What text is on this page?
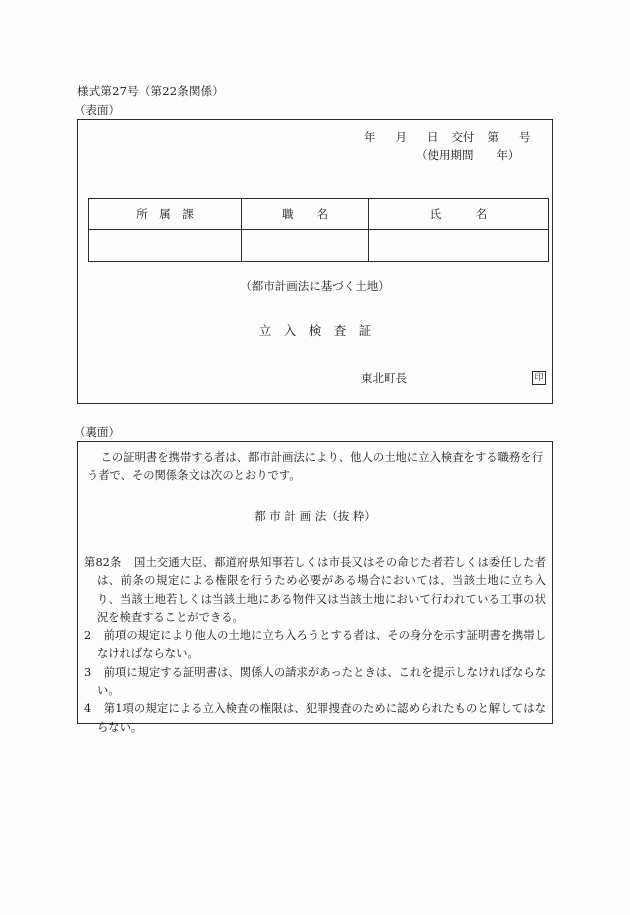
様式第27号（第22条関係）
（表面）
年 月 日 交付 第 号
（使用期間　　年）
所　属　課	職　　名	氏　　　名

（都市計画法に基づく土地）
立　入　検　査　証
東北町長	印
（裏面）
この証明書を携帯する者は、都市計画法により、他人の土地に立入検査をする職務を行う者で、その関係条文は次のとおりです。
都 市 計 画 法（抜 粋）

第82条 国土交通大臣、都道府県知事若しくは市長又はその命じた者若しくは委任した者は、前条の規定による権限を行うため必要がある場合においては、当該土地に立ち入り、当該土地若しくは当該土地にある物件又は当該土地において行われている工事の状況を検査することができる。

2 前項の規定により他人の土地に立ち入ろうとする者は、その身分を示す証明書を携帯しなければならない。

3 前項に規定する証明書は、関係人の請求があったときは、これを提示しなければならない。

4 第1項の規定による立入検査の権限は、犯罪捜査のために認められたものと解してはならない。
